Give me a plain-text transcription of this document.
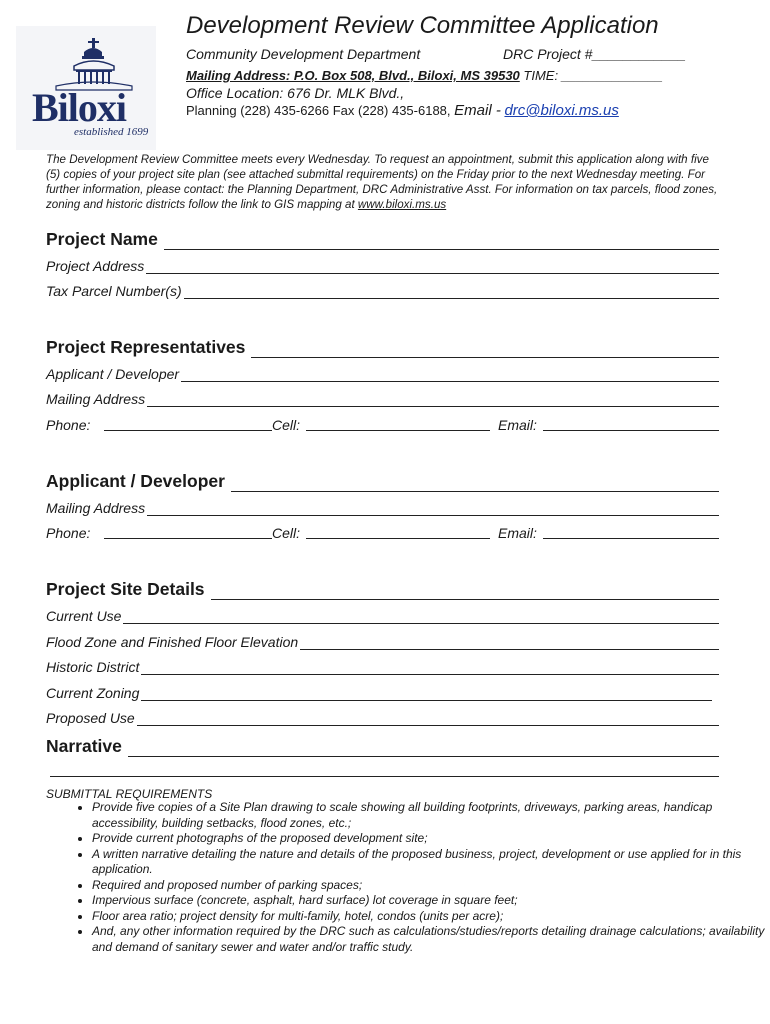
Biloxi
established 1699
Development Review Committee Application
Community Development Department	DRC Project #____________
Mailing Address: P.O. Box 508, Blvd., Biloxi, MS 39530 TIME: ______________
Office Location: 676 Dr. MLK Blvd.,
Planning (228) 435-6266 Fax (228) 435-6188, Email - drc@biloxi.ms.us
The Development Review Committee meets every Wednesday. To request an appointment, submit this application along with five (5) copies of your project site plan (see attached submittal requirements) on the Friday prior to the next Wednesday meeting. For further information, please contact: the Planning Department, DRC Administrative Asst. For information on tax parcels, flood zones, zoning and historic districts follow the link to GIS mapping at www.biloxi.ms.us
Project Name
Project Address
Tax Parcel Number(s)
Project Representatives
Applicant / Developer
Mailing Address
Phone:	Cell:	Email:
Applicant / Developer
Mailing Address
Phone:	Cell:	Email:
Project Site Details
Current Use
Flood Zone and Finished Floor Elevation
Historic District
Current Zoning
Proposed Use
Narrative
SUBMITTAL REQUIREMENTS
• Provide five copies of a Site Plan drawing to scale showing all building footprints, driveways, parking areas, handicap accessibility, building setbacks, flood zones, etc.;
• Provide current photographs of the proposed development site;
• A written narrative detailing the nature and details of the proposed business, project, development or use applied for in this application.
• Required and proposed number of parking spaces;
• Impervious surface (concrete, asphalt, hard surface) lot coverage in square feet;
• Floor area ratio; project density for multi-family, hotel, condos (units per acre);
• And, any other information required by the DRC such as calculations/studies/reports detailing drainage calculations; availability and demand of sanitary sewer and water and/or traffic study.
